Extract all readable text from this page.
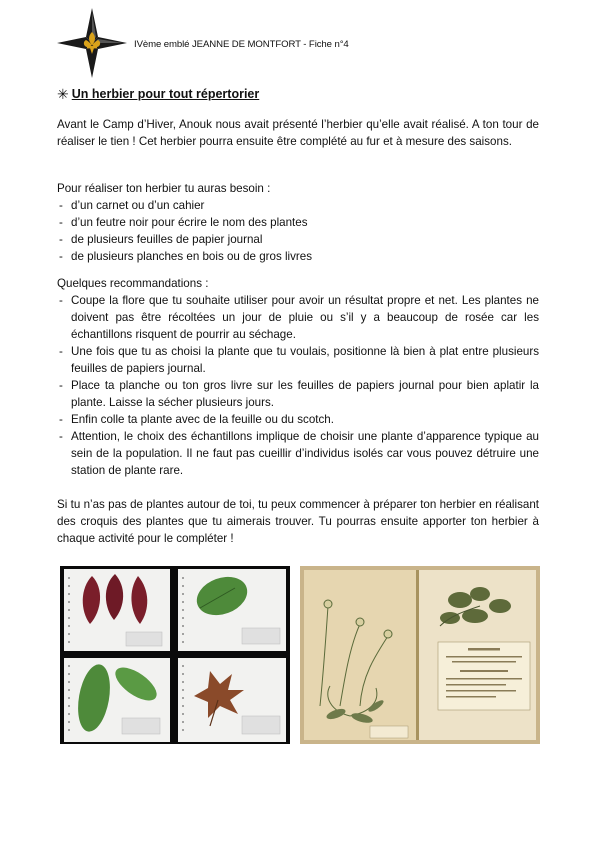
IVème emblé JEANNE DE MONTFORT - Fiche n°4
✳ Un herbier pour tout répertorier

Avant le Camp d’Hiver, Anouk nous avait présenté l’herbier qu’elle avait réalisé. A ton tour de réaliser le tien ! Cet herbier pourra ensuite être complété au fur et à mesure des saisons.

Pour réaliser ton herbier tu auras besoin :
- d’un carnet ou d’un cahier
- d’un feutre noir pour écrire le nom des plantes
- de plusieurs feuilles de papier journal
- de plusieurs planches en bois ou de gros livres
Quelques recommandations :
- Coupe la flore que tu souhaite utiliser pour avoir un résultat propre et net. Les plantes ne doivent pas être récoltées un jour de pluie ou s’il y a beaucoup de rosée car les échantillons risquent de pourrir au séchage.
- Une fois que tu as choisi la plante que tu voulais, positionne là bien à plat entre plusieurs feuilles de papiers journal.
- Place ta planche ou ton gros livre sur les feuilles de papiers journal pour bien aplatir la plante. Laisse la sécher plusieurs jours.
- Enfin colle ta plante avec de la feuille ou du scotch.
- Attention, le choix des échantillons implique de choisir une plante d’apparence typique au sein de la population. Il ne faut pas cueillir d’individus isolés car vous pouvez détruire une station de plante rare.

Si tu n’as pas de plantes autour de toi, tu peux commencer à préparer ton herbier en réalisant des croquis des plantes que tu aimerais trouver. Tu pourras ensuite apporter ton herbier à chaque activité pour le compléter !
